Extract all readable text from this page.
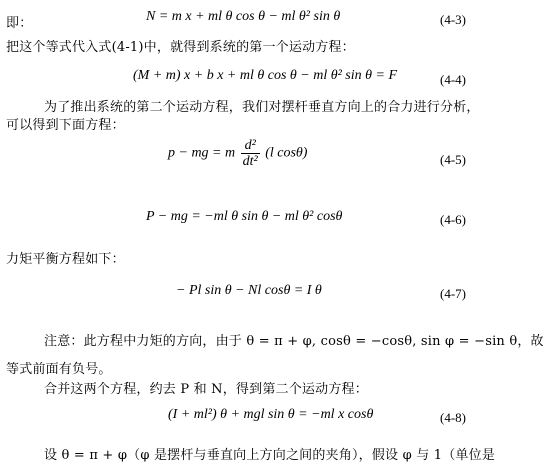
即：	N = m x + ml θ cos θ − ml θ² sin θ	(4-3)
把这个等式代入式(4-1)中，就得到系统的第一个运动方程：
(M + m) x + b x + ml θ cos θ − ml θ² sin θ = F	(4-4)
为了推出系统的第二个运动方程，我们对摆杆垂直方向上的合力进行分析，
可以得到下面方程：
p − mg = m $\frac{\text{d²}}{\text{dt²}} (l$ cosθ)	(4-5)
P − mg = −ml θ sin θ − ml θ² cosθ	(4-6)
力矩平衡方程如下：
− Pl sin θ − Nl cosθ = I θ	(4-7)
注意：此方程中力矩的方向，由于 θ = π + φ, cosθ = −cosθ, sin φ = −sin θ，故
等式前面有负号。
合并这两个方程，约去 P 和 N，得到第二个运动方程：
(I + ml²) θ + mgl sin θ = −ml x cosθ	(4-8)
设 θ = π + φ（φ 是摆杆与垂直向上方向之间的夹角），假设 φ 与 1（单位是
